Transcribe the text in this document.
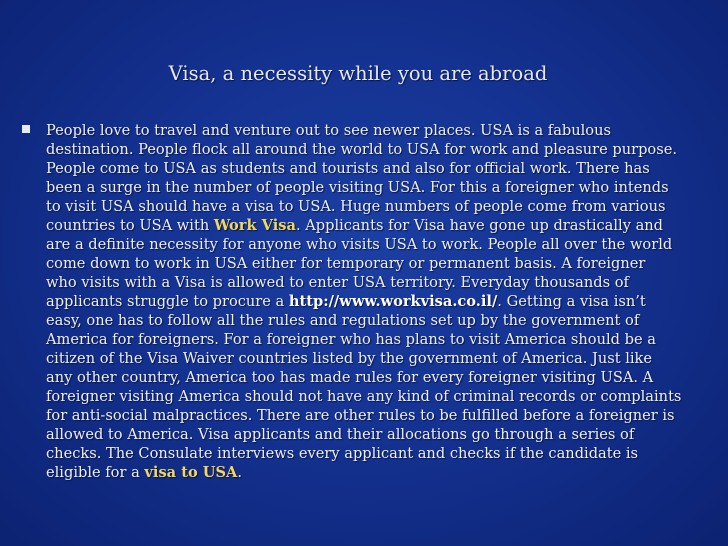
Visa, a necessity while you are abroad
People love to travel and venture out to see newer places. USA is a fabulous
destination. People flock all around the world to USA for work and pleasure purpose.
People come to USA as students and tourists and also for official work. There has
been a surge in the number of people visiting USA. For this a foreigner who intends
to visit USA should have a visa to USA. Huge numbers of people come from various
countries to USA with Work Visa. Applicants for Visa have gone up drastically and
are a definite necessity for anyone who visits USA to work. People all over the world
come down to work in USA either for temporary or permanent basis. A foreigner
who visits with a Visa is allowed to enter USA territory. Everyday thousands of
applicants struggle to procure a http://www.workvisa.co.il/. Getting a visa isn’t
easy, one has to follow all the rules and regulations set up by the government of
America for foreigners. For a foreigner who has plans to visit America should be a
citizen of the Visa Waiver countries listed by the government of America. Just like
any other country, America too has made rules for every foreigner visiting USA. A
foreigner visiting America should not have any kind of criminal records or complaints
for anti-social malpractices. There are other rules to be fulfilled before a foreigner is
allowed to America. Visa applicants and their allocations go through a series of
checks. The Consulate interviews every applicant and checks if the candidate is
eligible for a visa to USA.
